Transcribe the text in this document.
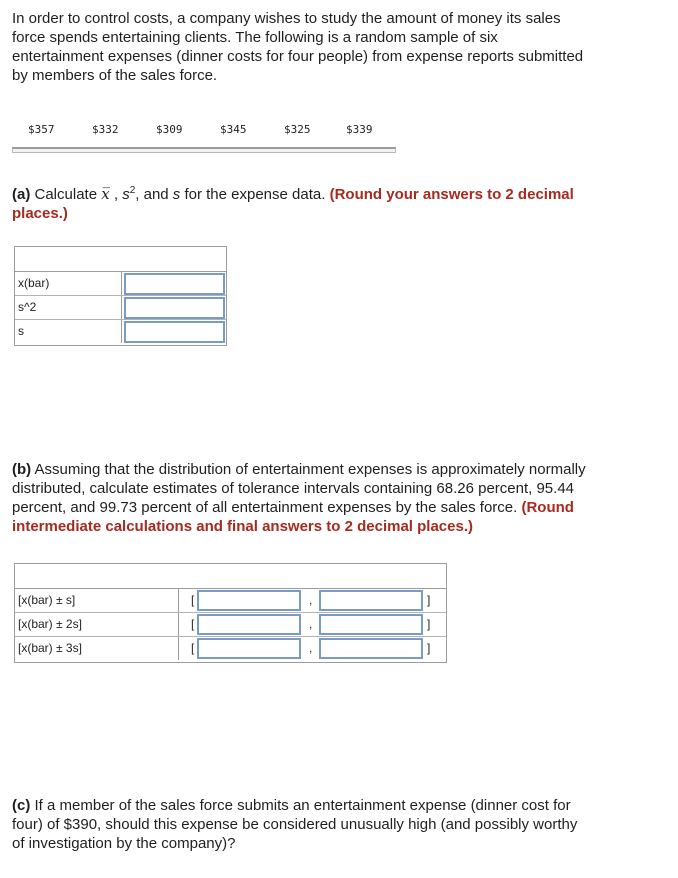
In order to control costs, a company wishes to study the amount of money its sales
force spends entertaining clients. The following is a random sample of six
entertainment expenses (dinner costs for four people) from expense reports submitted
by members of the sales force.
$357	$332	$309	$345	$325	$339
(a) Calculate x̅ , $s^2$, and s for the expense data. (Round your answers to 2 decimal
places.)
x(bar)
s^2
s
(b) Assuming that the distribution of entertainment expenses is approximately normally
distributed, calculate estimates of tolerance intervals containing 68.26 percent, 95.44
percent, and 99.73 percent of all entertainment expenses by the sales force. (Round
intermediate calculations and final answers to 2 decimal places.)
[x(bar) ± s]	[	,	]
[x(bar) ± 2s]	[	,	]
[x(bar) ± 3s]	[	,	]
(c) If a member of the sales force submits an entertainment expense (dinner cost for
four) of $390, should this expense be considered unusually high (and possibly worthy
of investigation by the company)?
